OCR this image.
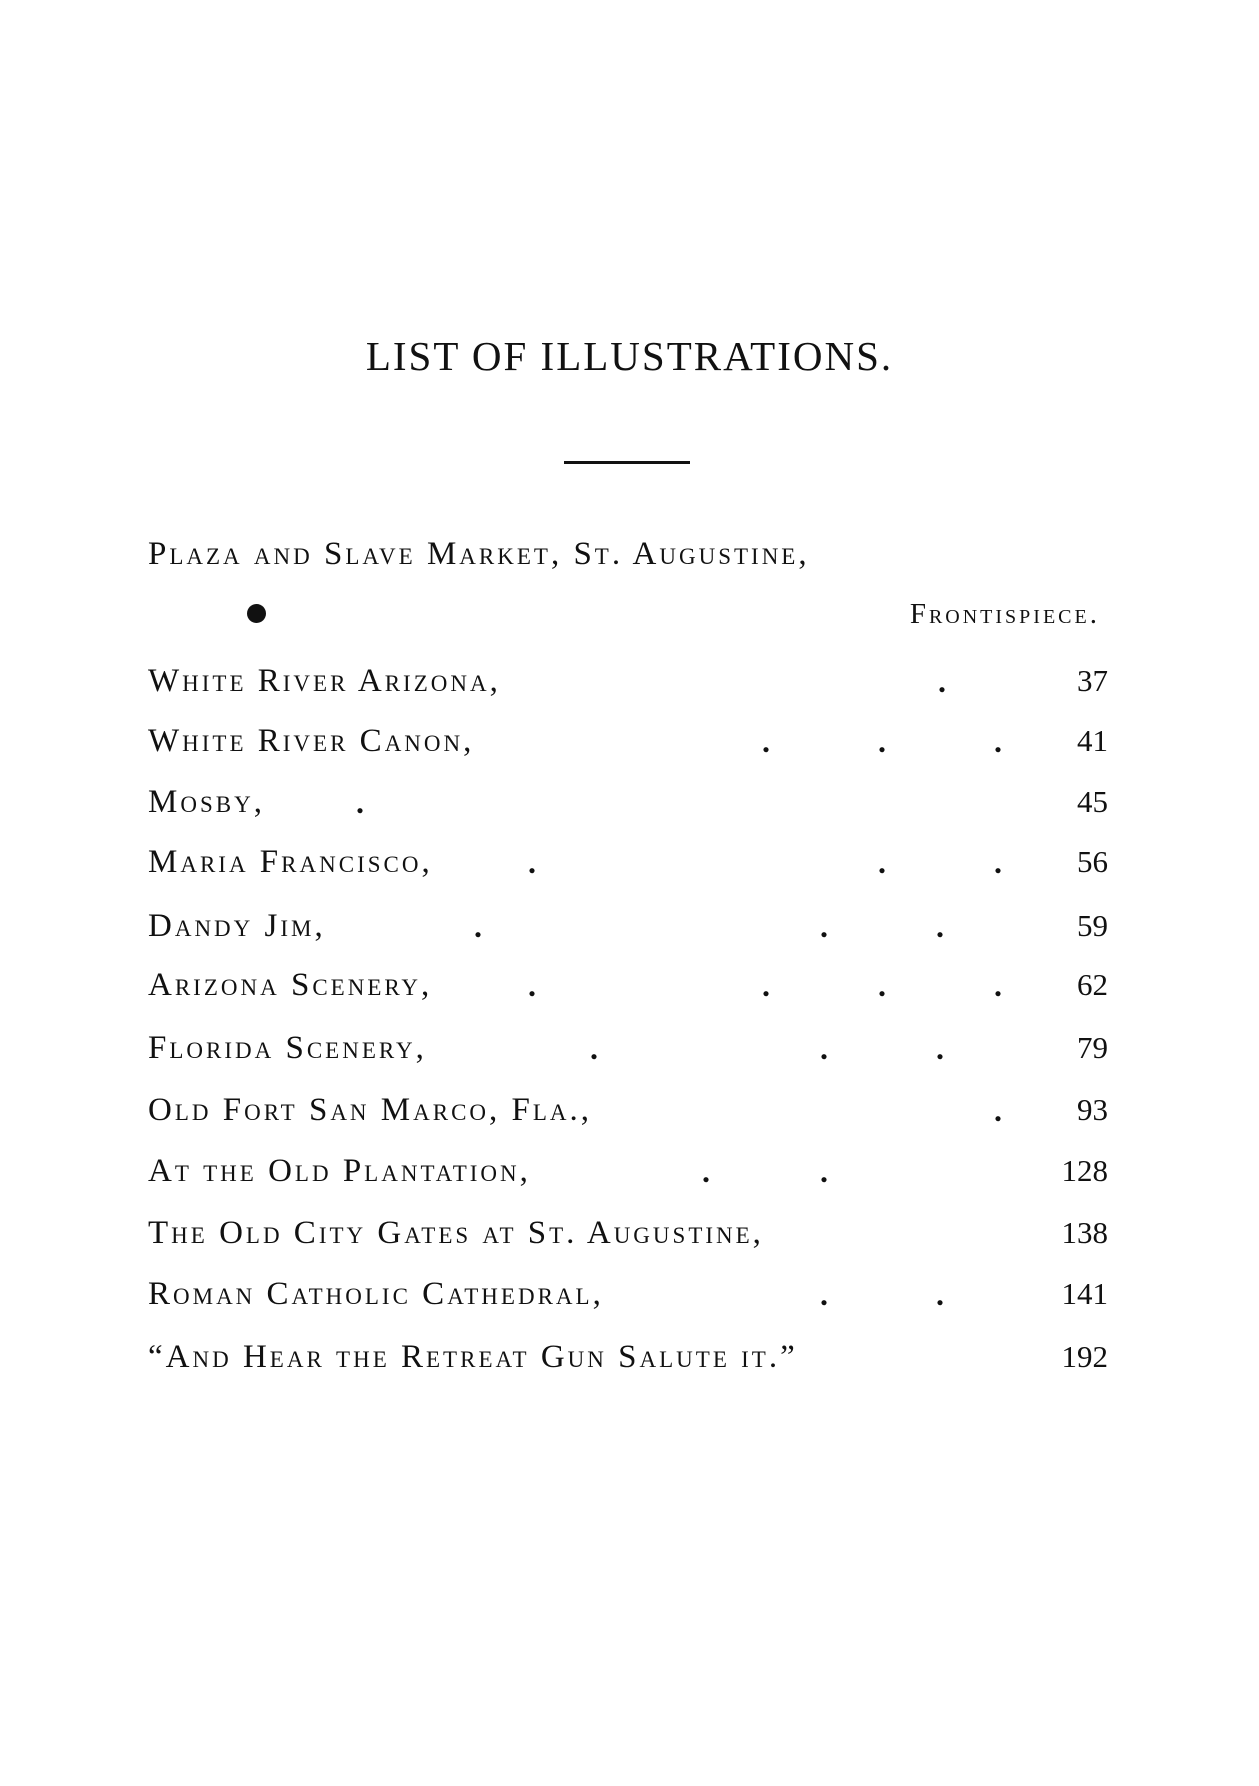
LIST OF ILLUSTRATIONS.
Plaza and Slave Market, St. Augustine,
Frontispiece.
White River Arizona,	.	37
White River Canon,	.	.	. 41
Mosby,	.	45
Maria Francisco,	.	.	. 56
Dandy Jim,	.	.	.	59
Arizona Scenery,	.	.	.	. 62
Florida Scenery,	.	.	.	79
Old Fort San Marco, Fla.,	. 93
At the Old Plantation,	.	.	128
The Old City Gates at St. Augustine,	138
Roman Catholic Cathedral,	.	.	141
“And Hear the Retreat Gun Salute it.”	192
